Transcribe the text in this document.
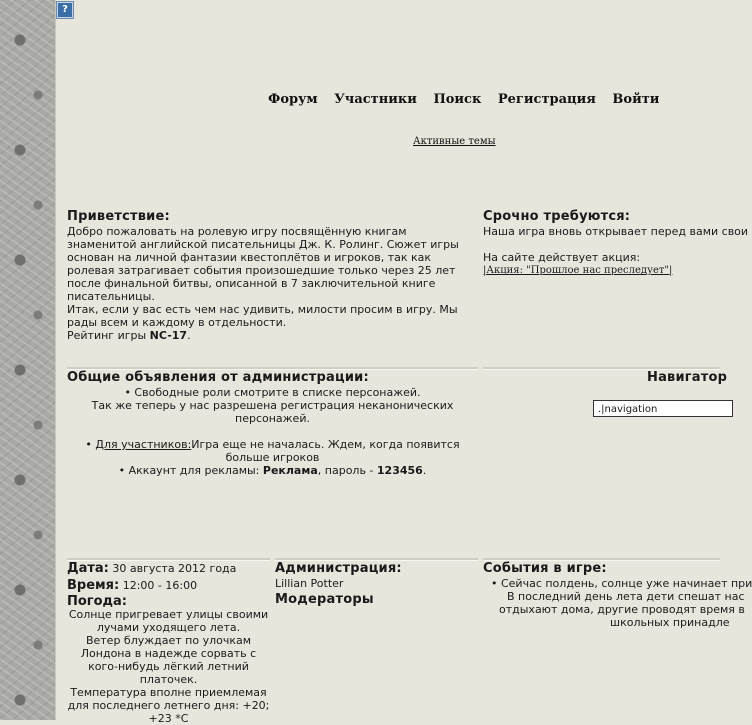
?
Форум Участники Поиск Регистрация Войти
Активные темы
Приветствие:
Добро пожаловать на ролевую игру посвящённую книгам знаменитой английской писательницы Дж. К. Ролинг. Сюжет игры основан на личной фантазии квестоплётов и игроков, так как ролевая затрагивает события произошедшие только через 25 лет после финальной битвы, описанной в 7 заключительной книге писательницы.
Итак, если у вас есть чем нас удивить, милости просим в игру. Мы рады всем и каждому в отдельности.
Рейтинг игры NC-17.
Срочно требуются:
Наша игра вновь открывает перед вами свои
На сайте действует акция:
|Акция: "Прошлое нас преследует"|
Общие объявления от администрации:
• Свободные роли смотрите в списке персонажей.
Так же теперь у нас разрешена регистрация неканонических персонажей.
• Для участников:Игра еще не началась. Ждем, когда появится больше игроков
• Аккаунт для рекламы: Реклама, пароль - 123456.
Навигатор
.|navigation
Дата: 30 августа 2012 года
Время: 12:00 - 16:00
Погода:
Солнце пригревает улицы своими лучами уходящего лета.
Ветер блуждает по улочкам Лондона в надежде сорвать с кого-нибудь лёгкий летний платочек.
Температура вполне приемлемая для последнего летнего дня: +20; +23 *С
Администрация:
Lillian Potter
Модераторы
События в игре:
• Сейчас полдень, солнце уже начинает при
В последний день лета дети спешат нас
отдыхают дома, другие проводят время в
школьных принадле
